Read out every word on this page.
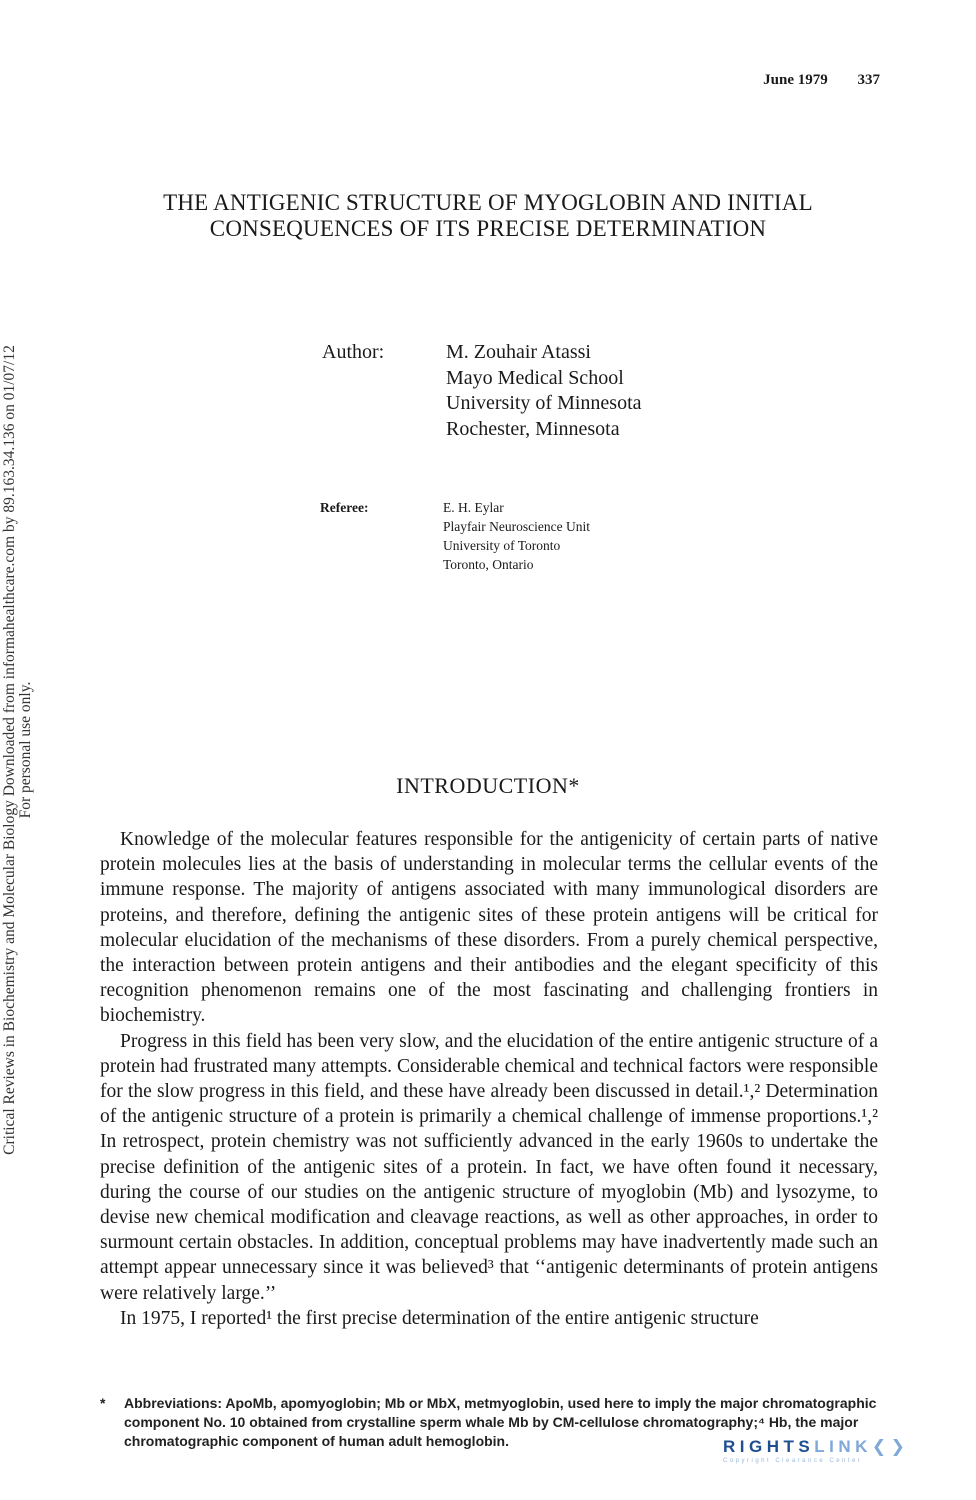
June 1979 337
Critical Reviews in Biochemistry and Molecular Biology Downloaded from informahealthcare.com by 89.163.34.136 on 01/07/12 For personal use only.
THE ANTIGENIC STRUCTURE OF MYOGLOBIN AND INITIAL
CONSEQUENCES OF ITS PRECISE DETERMINATION
Author:	M. Zouhair Atassi
Mayo Medical School
University of Minnesota
Rochester, Minnesota
Referee:	E. H. Eylar
Playfair Neuroscience Unit
University of Toronto
Toronto, Ontario
INTRODUCTION*

Knowledge of the molecular features responsible for the antigenicity of certain parts of native protein molecules lies at the basis of understanding in molecular terms the cellular events of the immune response. The majority of antigens associated with many immunological disorders are proteins, and therefore, defining the antigenic sites of these protein antigens will be critical for molecular elucidation of the mechanisms of these disorders. From a purely chemical perspective, the interaction between protein antigens and their antibodies and the elegant specificity of this recognition phenomenon remains one of the most fascinating and challenging frontiers in biochemistry.

Progress in this field has been very slow, and the elucidation of the entire antigenic structure of a protein had frustrated many attempts. Considerable chemical and technical factors were responsible for the slow progress in this field, and these have already been discussed in detail.¹,² Determination of the antigenic structure of a protein is primarily a chemical challenge of immense proportions.¹,² In retrospect, protein chemistry was not sufficiently advanced in the early 1960s to undertake the precise definition of the antigenic sites of a protein. In fact, we have often found it necessary, during the course of our studies on the antigenic structure of myoglobin (Mb) and lysozyme, to devise new chemical modification and cleavage reactions, as well as other approaches, in order to surmount certain obstacles. In addition, conceptual problems may have inadvertently made such an attempt appear unnecessary since it was believed³ that ‘‘antigenic determinants of protein antigens were relatively large.’’

In 1975, I reported¹ the first precise determination of the entire antigenic structure

* Abbreviations: ApoMb, apomyoglobin; Mb or MbX, metmyoglobin, used here to imply the major chromatographic component No. 10 obtained from crystalline sperm whale Mb by CM-cellulose chromatography;⁴ Hb, the major chromatographic component of human adult hemoglobin.	RIGHTSLINK❮❯
Copyright Clearance Center
